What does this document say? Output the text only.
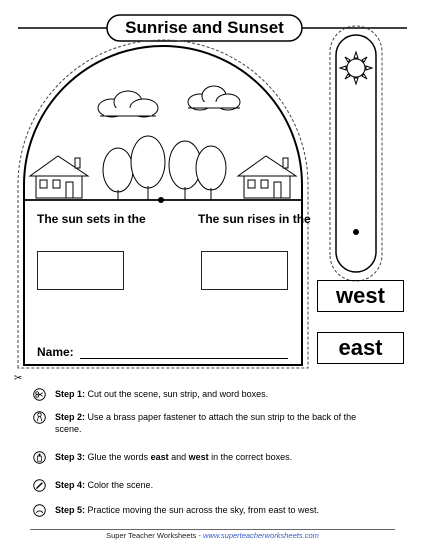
Sunrise and Sunset
✂
The sun sets in the	The sun rises in the
Name:
west
east
Step 1: Cut out the scene, sun strip, and word boxes.
Step 2: Use a brass paper fastener to attach the sun strip to the back of the scene.
Step 3: Glue the words east and west in the correct boxes.
Step 4: Color the scene.
Step 5: Practice moving the sun across the sky, from east to west.
Super Teacher Worksheets - www.superteacherworksheets.com
